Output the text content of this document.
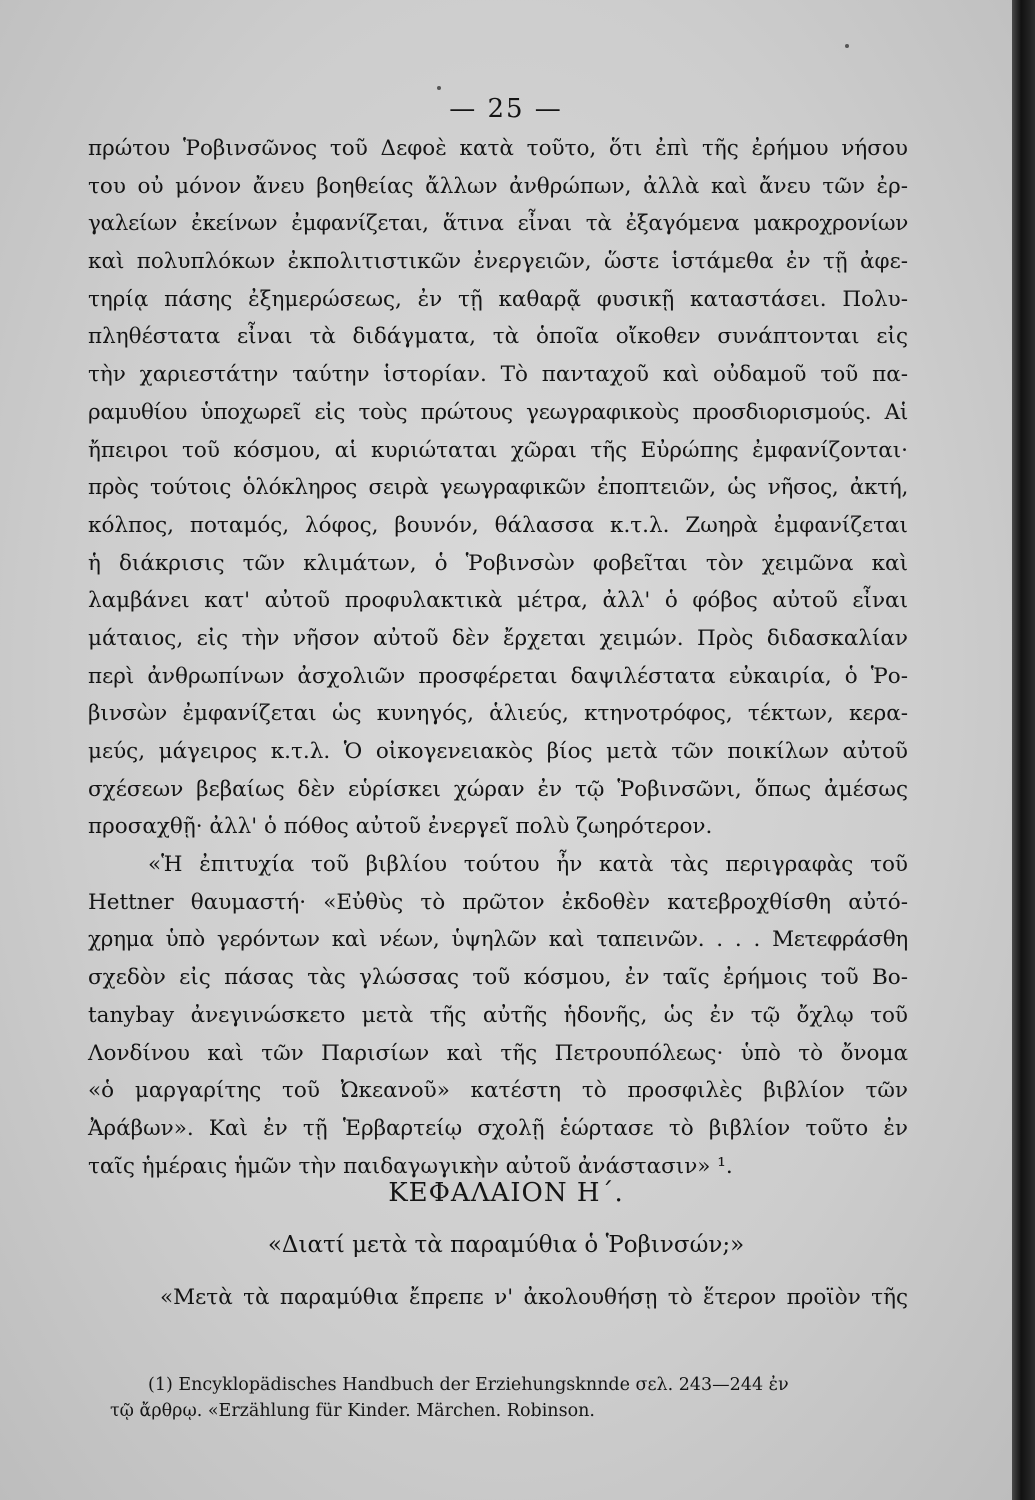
— 25 —
πρώτου Ῥοβινσῶνος τοῦ Δεφοὲ κατὰ τοῦτο, ὅτι ἐπὶ τῆς ἐρήμου νήσου
του οὐ μόνον ἄνευ βοηθείας ἄλλων ἀνθρώπων, ἀλλὰ καὶ ἄνευ τῶν ἐρ-
γαλείων ἐκείνων ἐμφανίζεται, ἅτινα εἶναι τὰ ἐξαγόμενα μακροχρονίων
καὶ πολυπλόκων ἐκπολιτιστικῶν ἐνεργειῶν, ὥστε ἱστάμεθα ἐν τῇ ἀφε-
τηρίᾳ πάσης ἐξημερώσεως, ἐν τῇ καθαρᾷ φυσικῇ καταστάσει. Πολυ-
πληθέστατα εἶναι τὰ διδάγματα, τὰ ὁποῖα οἴκοθεν συνάπτονται εἰς
τὴν χαριεστάτην ταύτην ἱστορίαν. Τὸ πανταχοῦ καὶ οὐδαμοῦ τοῦ πα-
ραμυθίου ὑποχωρεῖ εἰς τοὺς πρώτους γεωγραφικοὺς προσδιορισμούς. Αἱ
ἤπειροι τοῦ κόσμου, αἱ κυριώταται χῶραι τῆς Εὐρώπης ἐμφανίζονται·
πρὸς τούτοις ὁλόκληρος σειρὰ γεωγραφικῶν ἐποπτειῶν, ὡς νῆσος, ἀκτή,
κόλπος, ποταμός, λόφος, βουνόν, θάλασσα κ.τ.λ. Ζωηρὰ ἐμφανίζεται
ἡ διάκρισις τῶν κλιμάτων, ὁ Ῥοβινσὼν φοβεῖται τὸν χειμῶνα καὶ
λαμβάνει κατ' αὐτοῦ προφυλακτικὰ μέτρα, ἀλλ' ὁ φόβος αὐτοῦ εἶναι
μάταιος, εἰς τὴν νῆσον αὐτοῦ δὲν ἔρχεται χειμών. Πρὸς διδασκαλίαν
περὶ ἀνθρωπίνων ἀσχολιῶν προσφέρεται δαψιλέστατα εὐκαιρία, ὁ Ῥο-
βινσὼν ἐμφανίζεται ὡς κυνηγός, ἁλιεύς, κτηνοτρόφος, τέκτων, κερα-
μεύς, μάγειρος κ.τ.λ. Ὁ οἰκογενειακὸς βίος μετὰ τῶν ποικίλων αὐτοῦ
σχέσεων βεβαίως δὲν εὑρίσκει χώραν ἐν τῷ Ῥοβινσῶνι, ὅπως ἀμέσως
προσαχθῇ· ἀλλ' ὁ πόθος αὐτοῦ ἐνεργεῖ πολὺ ζωηρότερον.
«Ἡ ἐπιτυχία τοῦ βιβλίου τούτου ἦν κατὰ τὰς περιγραφὰς τοῦ
Hettner θαυμαστή· «Εὐθὺς τὸ πρῶτον ἐκδοθὲν κατεβροχθίσθη αὐτό-
χρημα ὑπὸ γερόντων καὶ νέων, ὑψηλῶν καὶ ταπεινῶν. . . . Μετεφράσθη
σχεδὸν εἰς πάσας τὰς γλώσσας τοῦ κόσμου, ἐν ταῖς ἐρήμοις τοῦ Bo-
tanybay ἀνεγινώσκετο μετὰ τῆς αὐτῆς ἡδονῆς, ὡς ἐν τῷ ὄχλῳ τοῦ
Λονδίνου καὶ τῶν Παρισίων καὶ τῆς Πετρουπόλεως· ὑπὸ τὸ ὄνομα
«ὁ μαργαρίτης τοῦ Ὠκεανοῦ» κατέστη τὸ προσφιλὲς βιβλίον τῶν
Ἀράβων». Καὶ ἐν τῇ Ἑρβαρτείῳ σχολῇ ἑώρτασε τὸ βιβλίον τοῦτο ἐν
ταῖς ἡμέραις ἡμῶν τὴν παιδαγωγικὴν αὐτοῦ ἀνάστασιν» ¹.
ΚΕΦΑΛΑΙΟΝ Η΄.
«Διατί μετὰ τὰ παραμύθια ὁ Ῥοβινσών;»
«Μετὰ τὰ παραμύθια ἔπρεπε ν' ἀκολουθήσῃ τὸ ἕτερον προϊὸν τῆς
(1) Encyklopädisches Handbuch der Erziehungsknnde σελ. 243—244 ἐν
τῷ ἄρθρῳ. «Erzählung für Kinder. Märchen. Robinson.
